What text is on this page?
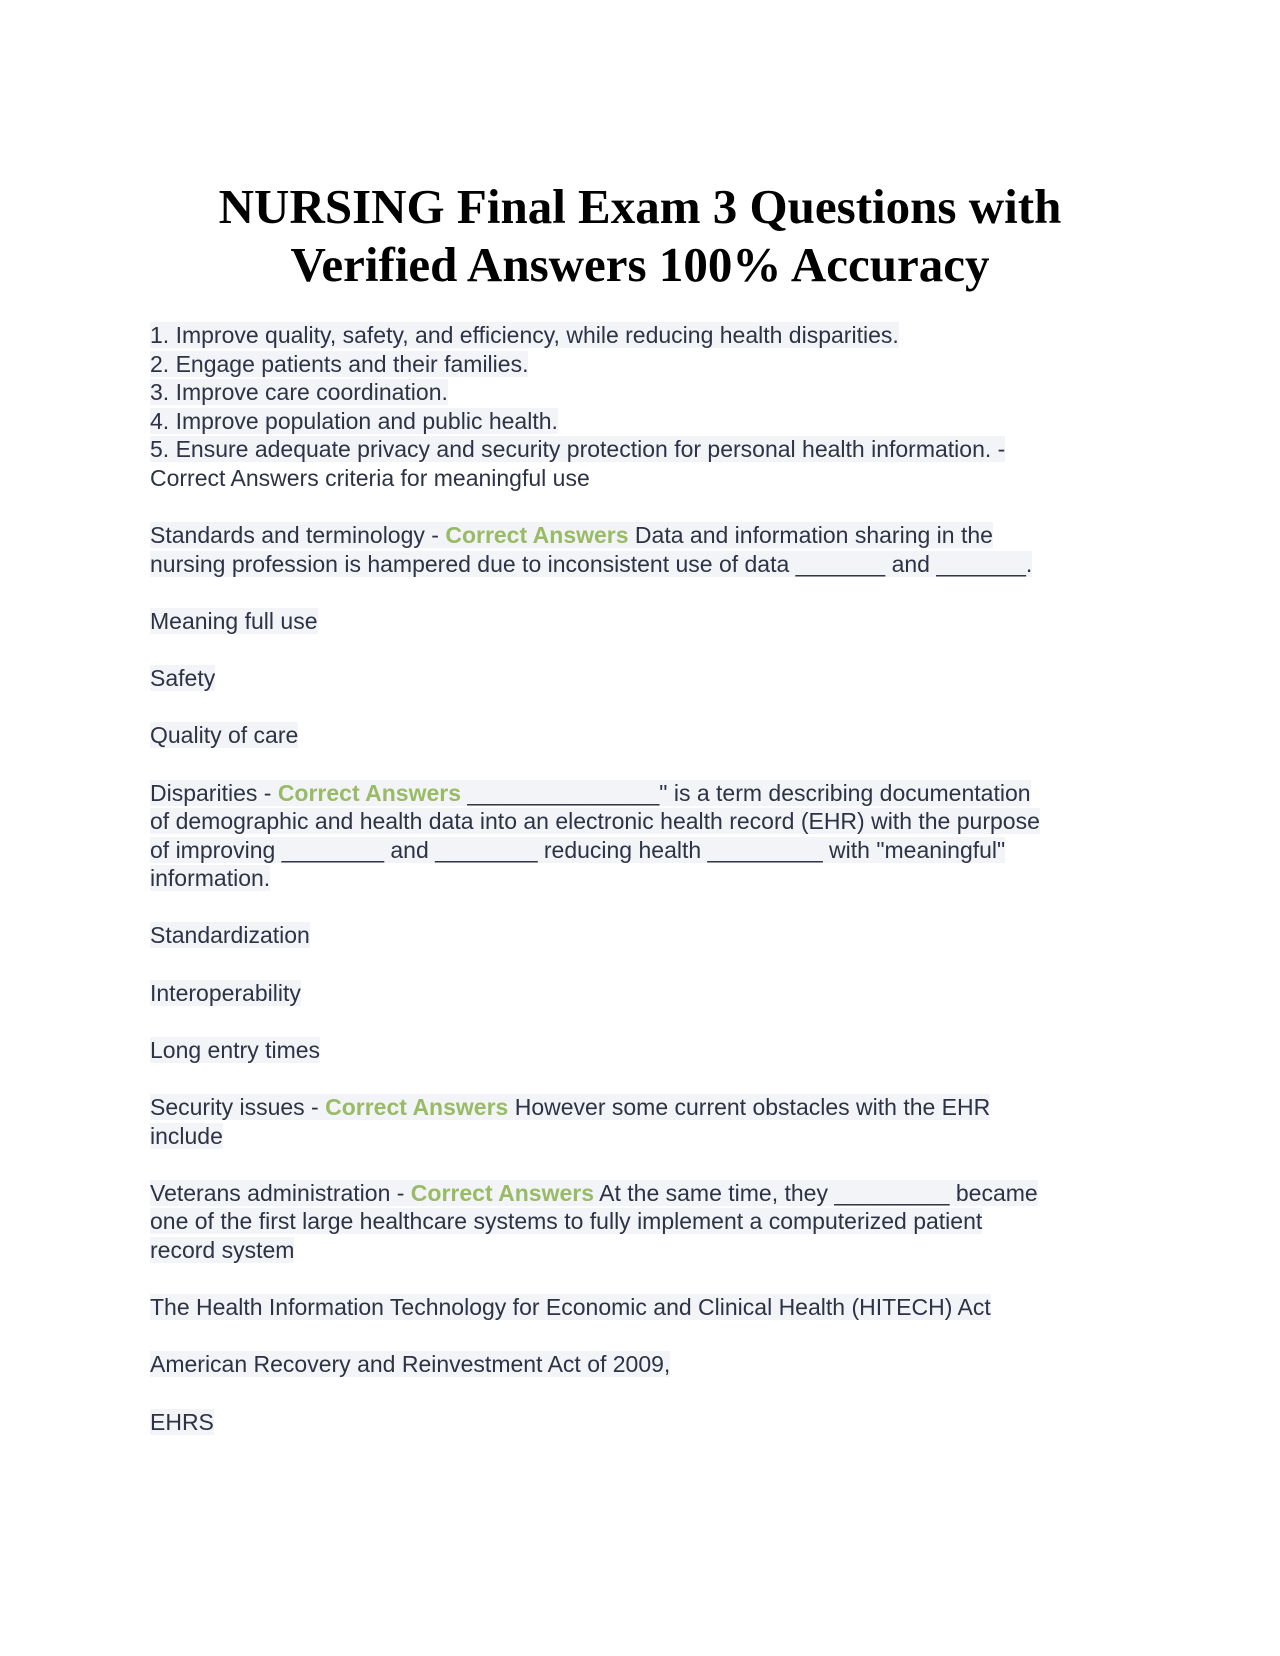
NURSING Final Exam 3 Questions with
Verified Answers 100% Accuracy
1. Improve quality, safety, and efficiency, while reducing health disparities.
2. Engage patients and their families.
3. Improve care coordination.
4. Improve population and public health.
5. Ensure adequate privacy and security protection for personal health information. -
Correct Answers criteria for meaningful use
Standards and terminology - Correct Answers Data and information sharing in the
nursing profession is hampered due to inconsistent use of data _______ and _______.
Meaning full use
Safety
Quality of care
Disparities - Correct Answers _______________" is a term describing documentation
of demographic and health data into an electronic health record (EHR) with the purpose
of improving ________ and ________ reducing health _________ with "meaningful"
information.
Standardization
Interoperability
Long entry times
Security issues - Correct Answers However some current obstacles with the EHR
include
Veterans administration - Correct Answers At the same time, they _________ became
one of the first large healthcare systems to fully implement a computerized patient
record system
The Health Information Technology for Economic and Clinical Health (HITECH) Act
American Recovery and Reinvestment Act of 2009,
EHRS
